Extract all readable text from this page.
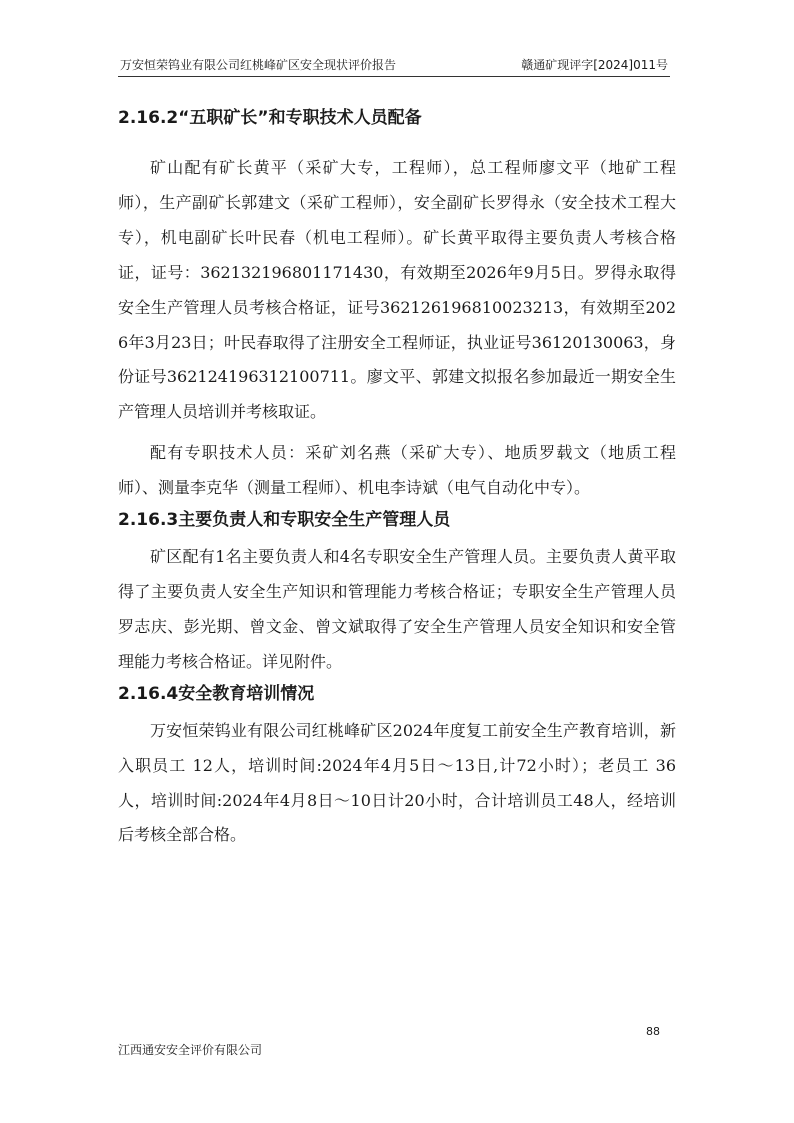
万安恒荣钨业有限公司红桃峰矿区安全现状评价报告	赣通矿现评字[2024]011号
2.16.2“五职矿长”和专职技术人员配备

矿山配有矿长黄平（采矿大专，工程师），总工程师廖文平（地矿工程师），生产副矿长郭建文（采矿工程师），安全副矿长罗得永（安全技术工程大专），机电副矿长叶民春（机电工程师）。矿长黄平取得主要负责人考核合格证，证号：362132196801171430，有效期至2026年9月5日。罗得永取得安全生产管理人员考核合格证，证号362126196810023213，有效期至2026年3月23日；叶民春取得了注册安全工程师证，执业证号36120130063，身份证号362124196312100711。廖文平、郭建文拟报名参加最近一期安全生产管理人员培训并考核取证。

配有专职技术人员：采矿刘名燕（采矿大专）、地质罗载文（地质工程师）、测量李克华（测量工程师）、机电李诗斌（电气自动化中专）。

2.16.3主要负责人和专职安全生产管理人员

矿区配有1名主要负责人和4名专职安全生产管理人员。主要负责人黄平取得了主要负责人安全生产知识和管理能力考核合格证；专职安全生产管理人员罗志庆、彭光期、曾文金、曾文斌取得了安全生产管理人员安全知识和安全管理能力考核合格证。详见附件。

2.16.4安全教育培训情况

万安恒荣钨业有限公司红桃峰矿区2024年度复工前安全生产教育培训，新入职员工 12人，培训时间:2024年4月5日～13日,计72小时）；老员工 36 人，培训时间:2024年4月8日～10日计20小时，合计培训员工48人，经培训后考核全部合格。

88
江西通安安全评价有限公司
